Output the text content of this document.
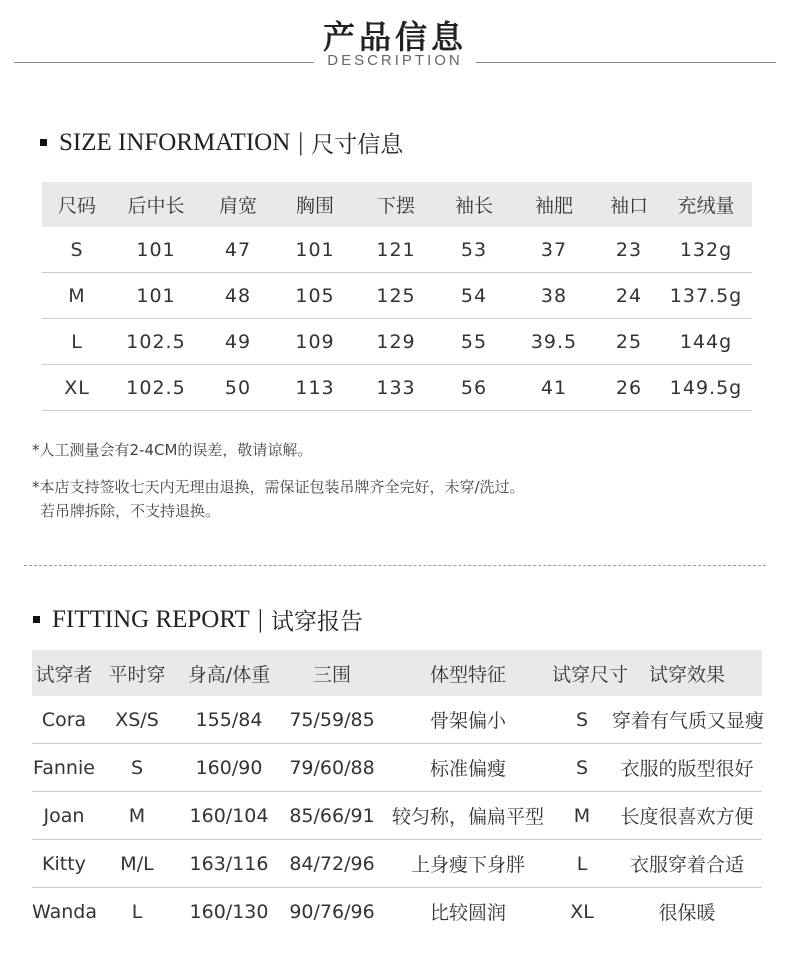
产品信息
DESCRIPTION
SIZE INFORMATION | 尺寸信息
尺码	后中长	肩宽	胸围	下摆	袖长	袖肥	袖口	充绒量
S	101	47	101	121	53	37	23	132g
M	101	48	105	125	54	38	24	137.5g
L	102.5	49	109	129	55	39.5	25	144g
XL	102.5	50	113	133	56	41	26	149.5g
*人工测量会有2-4CM的误差，敬请谅解。
*本店支持签收七天内无理由退换，需保证包装吊牌齐全完好，未穿/洗过。
若吊牌拆除，不支持退换。
FITTING REPORT | 试穿报告
试穿者	平时穿	身高/体重	三围	体型特征	试穿尺寸	试穿效果
Cora	XS/S	155/84	75/59/85	骨架偏小	S	穿着有气质又显瘦
Fannie	S	160/90	79/60/88	标准偏瘦	S	衣服的版型很好
Joan	M	160/104	85/66/91	较匀称，偏扁平型	M	长度很喜欢方便
Kitty	M/L	163/116	84/72/96	上身瘦下身胖	L	衣服穿着合适
Wanda	L	160/130	90/76/96	比较圆润	XL	很保暖
